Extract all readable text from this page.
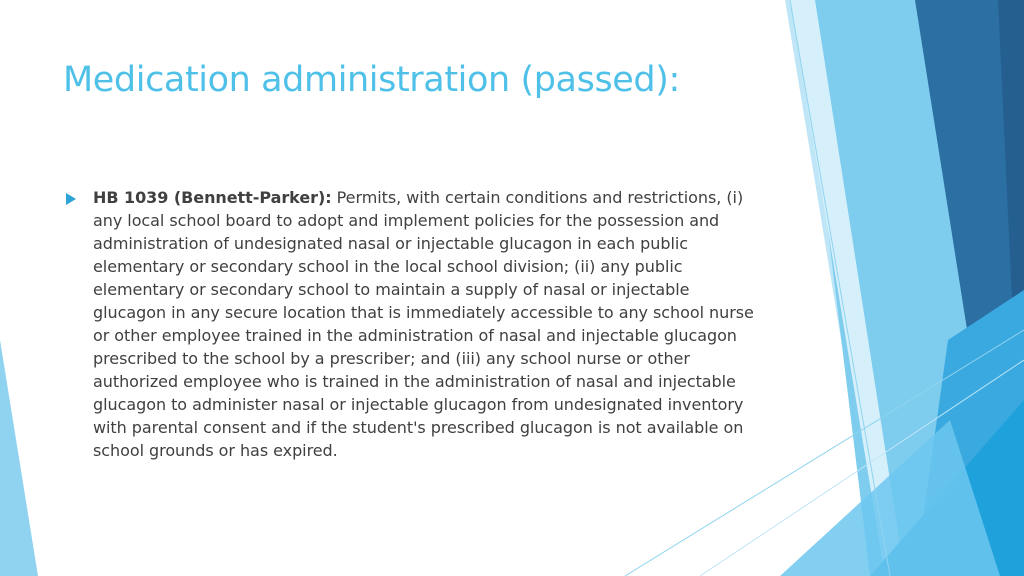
Medication administration (passed):

HB 1039 (Bennett-Parker): Permits, with certain conditions and restrictions, (i) any local school board to adopt and implement policies for the possession and administration of undesignated nasal or injectable glucagon in each public elementary or secondary school in the local school division; (ii) any public elementary or secondary school to maintain a supply of nasal or injectable glucagon in any secure location that is immediately accessible to any school nurse or other employee trained in the administration of nasal and injectable glucagon prescribed to the school by a prescriber; and (iii) any school nurse or other authorized employee who is trained in the administration of nasal and injectable glucagon to administer nasal or injectable glucagon from undesignated inventory with parental consent and if the student's prescribed glucagon is not available on school grounds or has expired.
